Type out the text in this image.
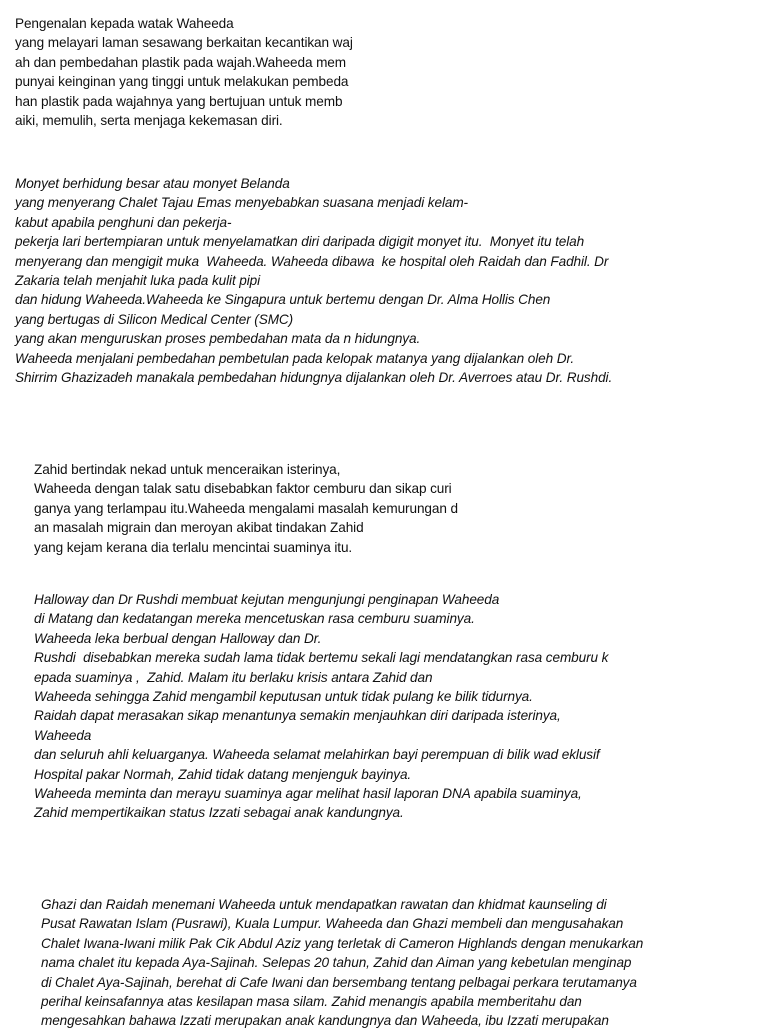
Pengenalan kepada watak Waheeda
yang melayari laman sesawang berkaitan kecantikan waj
ah dan pembedahan plastik pada wajah.Waheeda mem
punyai keinginan yang tinggi untuk melakukan pembeda
han plastik pada wajahnya yang bertujuan untuk memb
aiki, memulih, serta menjaga kekemasan diri.
Monyet berhidung besar atau monyet Belanda
yang menyerang Chalet Tajau Emas menyebabkan suasana menjadi kelam-
kabut apabila penghuni dan pekerja-
pekerja lari bertempiaran untuk menyelamatkan diri daripada digigit monyet itu.  Monyet itu telah
menyerang dan mengigit muka  Waheeda. Waheeda dibawa  ke hospital oleh Raidah dan Fadhil. Dr
Zakaria telah menjahit luka pada kulit pipi
dan hidung Waheeda.Waheeda ke Singapura untuk bertemu dengan Dr. Alma Hollis Chen
yang bertugas di Silicon Medical Center (SMC)
yang akan menguruskan proses pembedahan mata da n hidungnya.
Waheeda menjalani pembedahan pembetulan pada kelopak matanya yang dijalankan oleh Dr.
Shirrim Ghazizadeh manakala pembedahan hidungnya dijalankan oleh Dr. Averroes atau Dr. Rushdi.
Zahid bertindak nekad untuk menceraikan isterinya,
Waheeda dengan talak satu disebabkan faktor cemburu dan sikap curi
ganya yang terlampau itu.Waheeda mengalami masalah kemurungan d
an masalah migrain dan meroyan akibat tindakan Zahid
yang kejam kerana dia terlalu mencintai suaminya itu.
Halloway dan Dr Rushdi membuat kejutan mengunjungi penginapan Waheeda
di Matang dan kedatangan mereka mencetuskan rasa cemburu suaminya.
Waheeda leka berbual dengan Halloway dan Dr.
Rushdi  disebabkan mereka sudah lama tidak bertemu sekali lagi mendatangkan rasa cemburu k
epada suaminya ,  Zahid. Malam itu berlaku krisis antara Zahid dan
Waheeda sehingga Zahid mengambil keputusan untuk tidak pulang ke bilik tidurnya.
Raidah dapat merasakan sikap menantunya semakin menjauhkan diri daripada isterinya,
Waheeda
dan seluruh ahli keluarganya. Waheeda selamat melahirkan bayi perempuan di bilik wad eklusif
Hospital pakar Normah, Zahid tidak datang menjenguk bayinya.
Waheeda meminta dan merayu suaminya agar melihat hasil laporan DNA apabila suaminya,
Zahid mempertikaikan status Izzati sebagai anak kandungnya.
Ghazi dan Raidah menemani Waheeda untuk mendapatkan rawatan dan khidmat kaunseling di
Pusat Rawatan Islam (Pusrawi), Kuala Lumpur. Waheeda dan Ghazi membeli dan mengusahakan
Chalet Iwana-Iwani milik Pak Cik Abdul Aziz yang terletak di Cameron Highlands dengan menukarkan
nama chalet itu kepada Aya-Sajinah. Selepas 20 tahun, Zahid dan Aiman yang kebetulan menginap
di Chalet Aya-Sajinah, berehat di Cafe Iwani dan bersembang tentang pelbagai perkara terutamanya
perihal keinsafannya atas kesilapan masa silam. Zahid menangis apabila memberitahu dan
mengesahkan bahawa Izzati merupakan anak kandungnya dan Waheeda, ibu Izzati merupakan
